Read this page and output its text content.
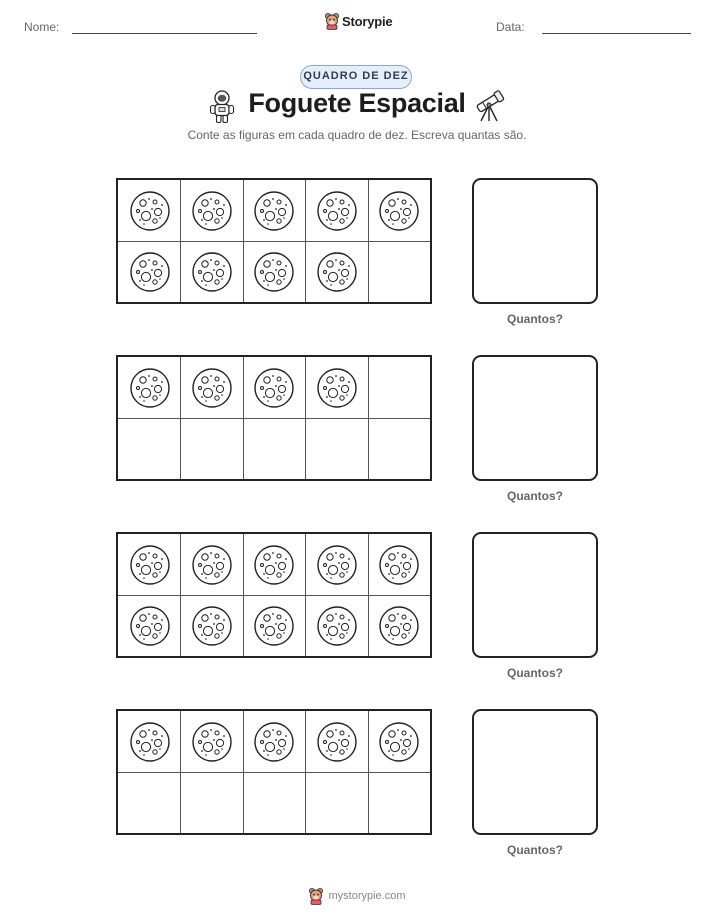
Nome:	Storypie	Data:
QUADRO DE DEZ
Foguete Espacial
Conte as figuras em cada quadro de dez. Escreva quantas são.
Quantos?
Quantos?
Quantos?
Quantos?
mystorypie.com
